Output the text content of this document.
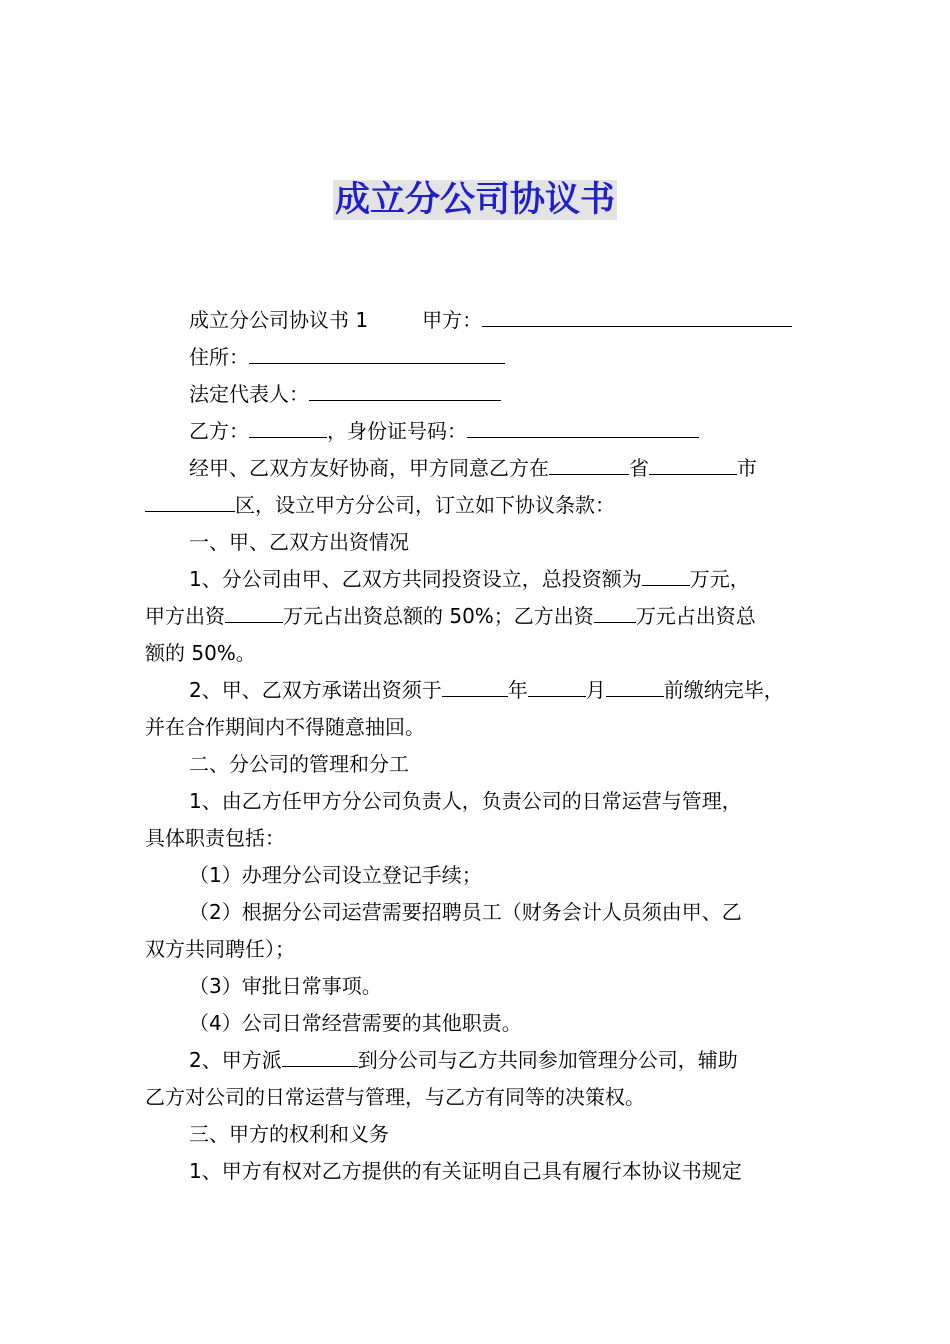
成立分公司协议书

成立分公司协议书 1	甲方：

住所：

法定代表人：

乙方：	，身份证号码：

经甲、乙双方友好协商，甲方同意乙方在	省	市

区，设立甲方分公司，订立如下协议条款：

一、甲、乙双方出资情况

1、分公司由甲、乙双方共同投资设立，总投资额为 万元，

甲方出资	万元占出资总额的 50%；乙方出资 万元占出资总

额的 50%。

2、甲、乙双方承诺出资须于	年	月	前缴纳完毕，

并在合作期间内不得随意抽回。

二、分公司的管理和分工

1、由乙方任甲方分公司负责人，负责公司的日常运营与管理，

具体职责包括：

（1）办理分公司设立登记手续；

（2）根据分公司运营需要招聘员工（财务会计人员须由甲、乙

双方共同聘任）；

（3）审批日常事项。

（4）公司日常经营需要的其他职责。

2、甲方派	到分公司与乙方共同参加管理分公司，辅助

乙方对公司的日常运营与管理，与乙方有同等的决策权。

三、甲方的权利和义务

1、甲方有权对乙方提供的有关证明自己具有履行本协议书规定
